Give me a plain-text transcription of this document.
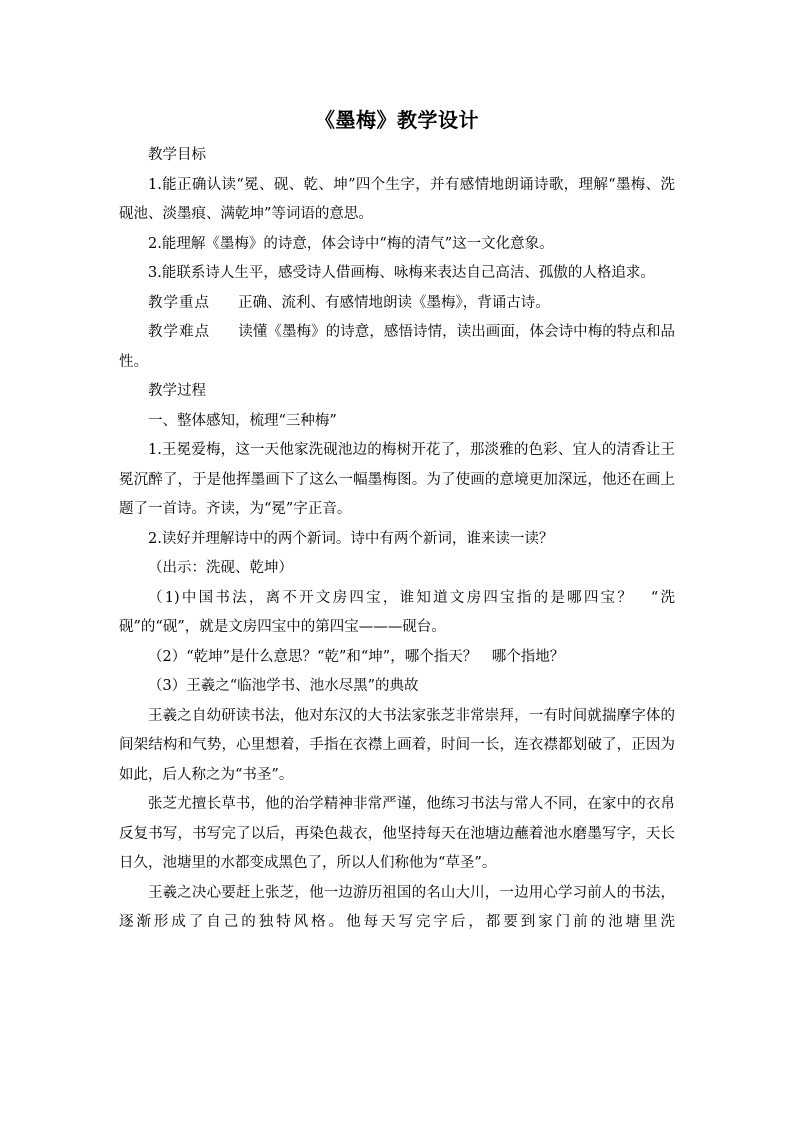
《墨梅》教学设计

教学目标

1.能正确认读“冕、砚、乾、坤”四个生字，并有感情地朗诵诗歌，理解“墨梅、洗砚池、淡墨痕、满乾坤”等词语的意思。

2.能理解《墨梅》的诗意，体会诗中“梅的清气”这一文化意象。

3.能联系诗人生平，感受诗人借画梅、咏梅来表达自己高洁、孤傲的人格追求。

教学重点 正确、流利、有感情地朗读《墨梅》，背诵古诗。

教学难点 读懂《墨梅》的诗意，感悟诗情，读出画面，体会诗中梅的特点和品性。

教学过程

一、整体感知，梳理“三种梅”

1.王冕爱梅，这一天他家洗砚池边的梅树开花了，那淡雅的色彩、宜人的清香让王冕沉醉了，于是他挥墨画下了这么一幅墨梅图。为了使画的意境更加深远，他还在画上题了一首诗。齐读，为“冕”字正音。

2.读好并理解诗中的两个新词。诗中有两个新词，谁来读一读？

（出示：洗砚、乾坤）

（1)中国书法，离不开文房四宝，谁知道文房四宝指的是哪四宝？　“洗砚”的“砚”，就是文房四宝中的第四宝———砚台。

（2）“乾坤”是什么意思？“乾”和“坤”，哪个指天？　哪个指地？

（3）王羲之“临池学书、池水尽黑”的典故

王羲之自幼研读书法，他对东汉的大书法家张芝非常崇拜，一有时间就揣摩字体的间架结构和气势，心里想着，手指在衣襟上画着，时间一长，连衣襟都划破了，正因为如此，后人称之为“书圣”。

张芝尤擅长草书，他的治学精神非常严谨，他练习书法与常人不同，在家中的衣帛反复书写，书写完了以后，再染色裁衣，他坚持每天在池塘边蘸着池水磨墨写字，天长日久，池塘里的水都变成黑色了，所以人们称他为“草圣”。

王羲之决心要赶上张芝，他一边游历祖国的名山大川，一边用心学习前人的书法，逐渐形成了自己的独特风格。他每天写完字后，都要到家门前的池塘里洗
